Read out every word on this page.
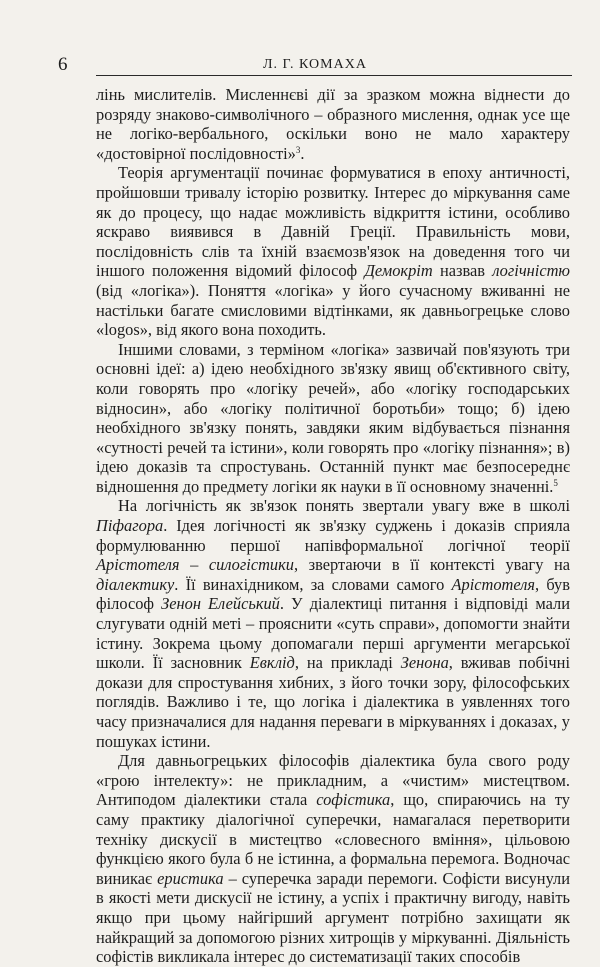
6	Л. Г. КОМАХА

лінь мислителів. Мисленнєві дії за зразком можна віднести до розряду знаково-символічного – образного мислення, однак усе ще не логіко-вербального, оскільки воно не мало характеру «достовірної послідовності»$^3$.

Теорія аргументації починає формуватися в епоху античності, пройшовши тривалу історію розвитку. Інтерес до міркування саме як до процесу, що надає можливість відкриття істини, особливо яскраво виявився в Давній Греції. Правильність мови, послідовність слів та їхній взаємозв'язок на доведення того чи іншого положення відомий філософ Демокріт назвав логічністю (від «логіка»). Поняття «логіка» у його сучасному вживанні не настільки багате смисловими відтінками, як давньогрецьке слово «logos», від якого вона походить.

Іншими словами, з терміном «логіка» зазвичай пов'язують три основні ідеї: а) ідею необхідного зв'язку явищ об'єктивного світу, коли говорять про «логіку речей», або «логіку господарських відносин», або «логіку політичної боротьби» тощо; б) ідею необхідного зв'язку понять, завдяки яким відбувається пізнання «сутності речей та істини», коли говорять про «логіку пізнання»; в) ідею доказів та спростувань. Останній пункт має безпосереднє відношення до предмету логіки як науки в її основному значенні.$^5$

На логічність як зв'язок понять звертали увагу вже в школі Піфагора. Ідея логічності як зв'язку суджень і доказів сприяла формулюванню першої напівформальної логічної теорії Арістотеля – силогістики, звертаючи в її контексті увагу на діалектику. Її винахідником, за словами самого Арістотеля, був філософ Зенон Елейський. У діалектиці питання і відповіді мали слугувати одній меті – прояснити «суть справи», допомогти знайти істину. Зокрема цьому допомагали перші аргументи мегарської школи. Її засновник Евклід, на прикладі Зенона, вживав побічні докази для спростування хибних, з його точки зору, філософських поглядів. Важливо і те, що логіка і діалектика в уявленнях того часу призначалися для надання переваги в міркуваннях і доказах, у пошуках істини.

Для давньогрецьких філософів діалектика була свого роду «грою інтелекту»: не прикладним, а «чистим» мистецтвом. Антиподом діалектики стала софістика, що, спираючись на ту саму практику діалогічної суперечки, намагалася перетворити техніку дискусії в мистецтво «словесного вміння», цільовою функцією якого була б не істинна, а формальна перемога. Водночас виникає еристика – суперечка заради перемоги. Софісти висунули в якості мети дискусії не істину, а успіх і практичну вигоду, навіть якщо при цьому найгірший аргумент потрібно захищати як найкращий за допомогою різних хитрощів у міркуванні. Діяльність софістів викликала інтерес до систематизації таких способів
